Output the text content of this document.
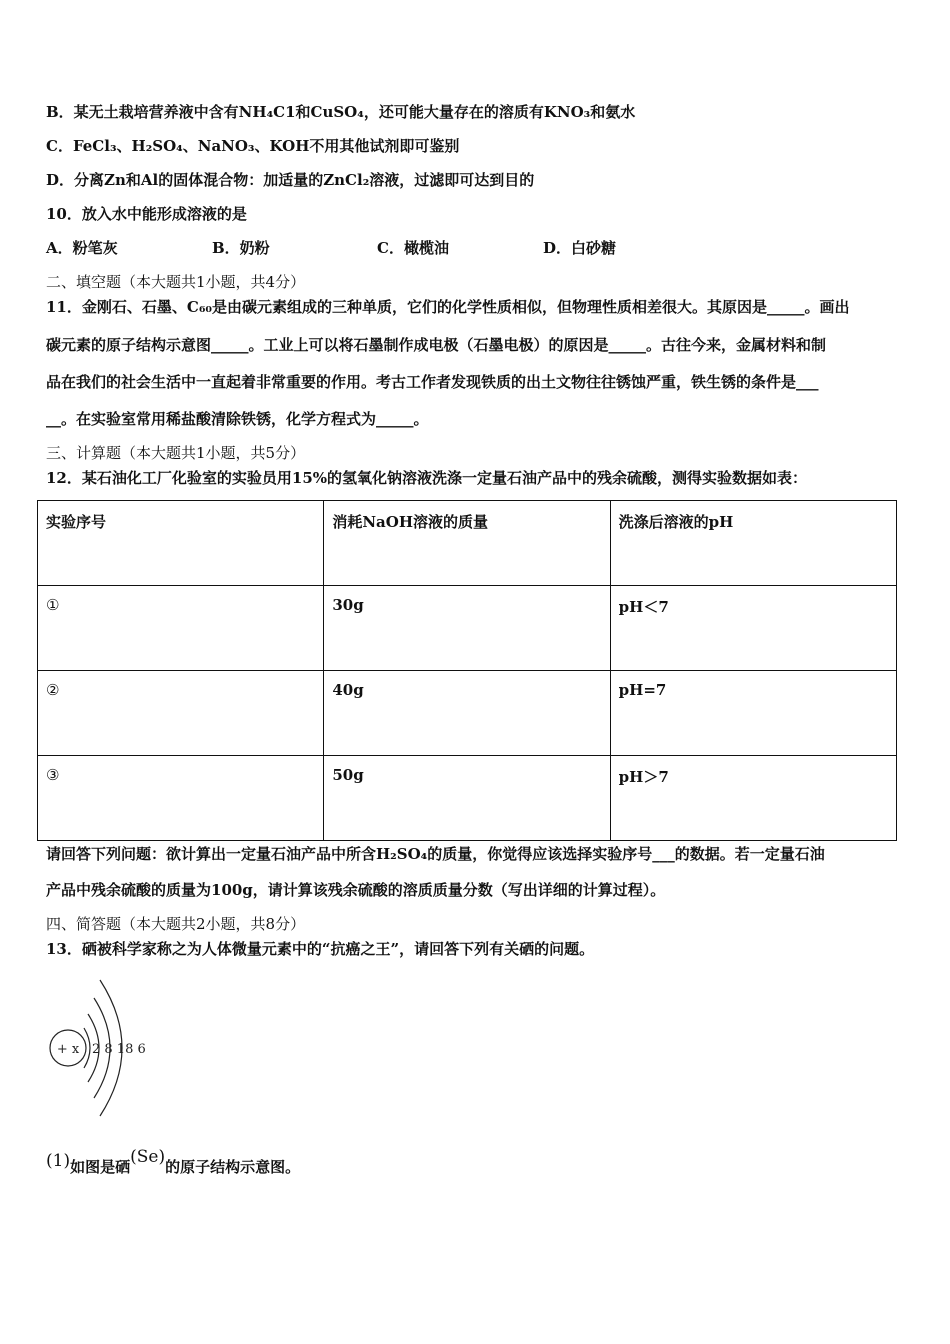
B．某无土栽培营养液中含有NH₄C1和CuSO₄，还可能大量存在的溶质有KNO₃和氨水
C．FeCl₃、H₂SO₄、NaNO₃、KOH不用其他试剂即可鉴别
D．分离Zn和Al的固体混合物：加适量的ZnCl₂溶液，过滤即可达到目的
10．放入水中能形成溶液的是
A．粉笔灰	B．奶粉	C．橄榄油	D．白砂糖
二、填空题（本大题共1小题，共4分）
11．金刚石、石墨、C₆₀是由碳元素组成的三种单质，它们的化学性质相似，但物理性质相差很大。其原因是_____。画出
碳元素的原子结构示意图_____。工业上可以将石墨制作成电极（石墨电极）的原因是_____。古往今来，金属材料和制
品在我们的社会生活中一直起着非常重要的作用。考古工作者发现铁质的出土文物往往锈蚀严重，铁生锈的条件是___
__。在实验室常用稀盐酸清除铁锈，化学方程式为_____。
三、计算题（本大题共1小题，共5分）
12．某石油化工厂化验室的实验员用15%的氢氧化钠溶液洗涤一定量石油产品中的残余硫酸，测得实验数据如表：
实验序号	消耗NaOH溶液的质量	洗涤后溶液的pH
①	30g	pH＜7
②	40g	pH=7
③	50g	pH＞7
请回答下列问题：欲计算出一定量石油产品中所含H₂SO₄的质量，你觉得应该选择实验序号___的数据。若一定量石油
产品中残余硫酸的质量为100g，请计算该残余硫酸的溶质质量分数（写出详细的计算过程）。
四、简答题（本大题共2小题，共8分）
13．硒被科学家称之为人体微量元素中的“抗癌之王”，请回答下列有关硒的问题。
+ x 2 8 18 6
(1)如图是硒(Se)的原子结构示意图。
